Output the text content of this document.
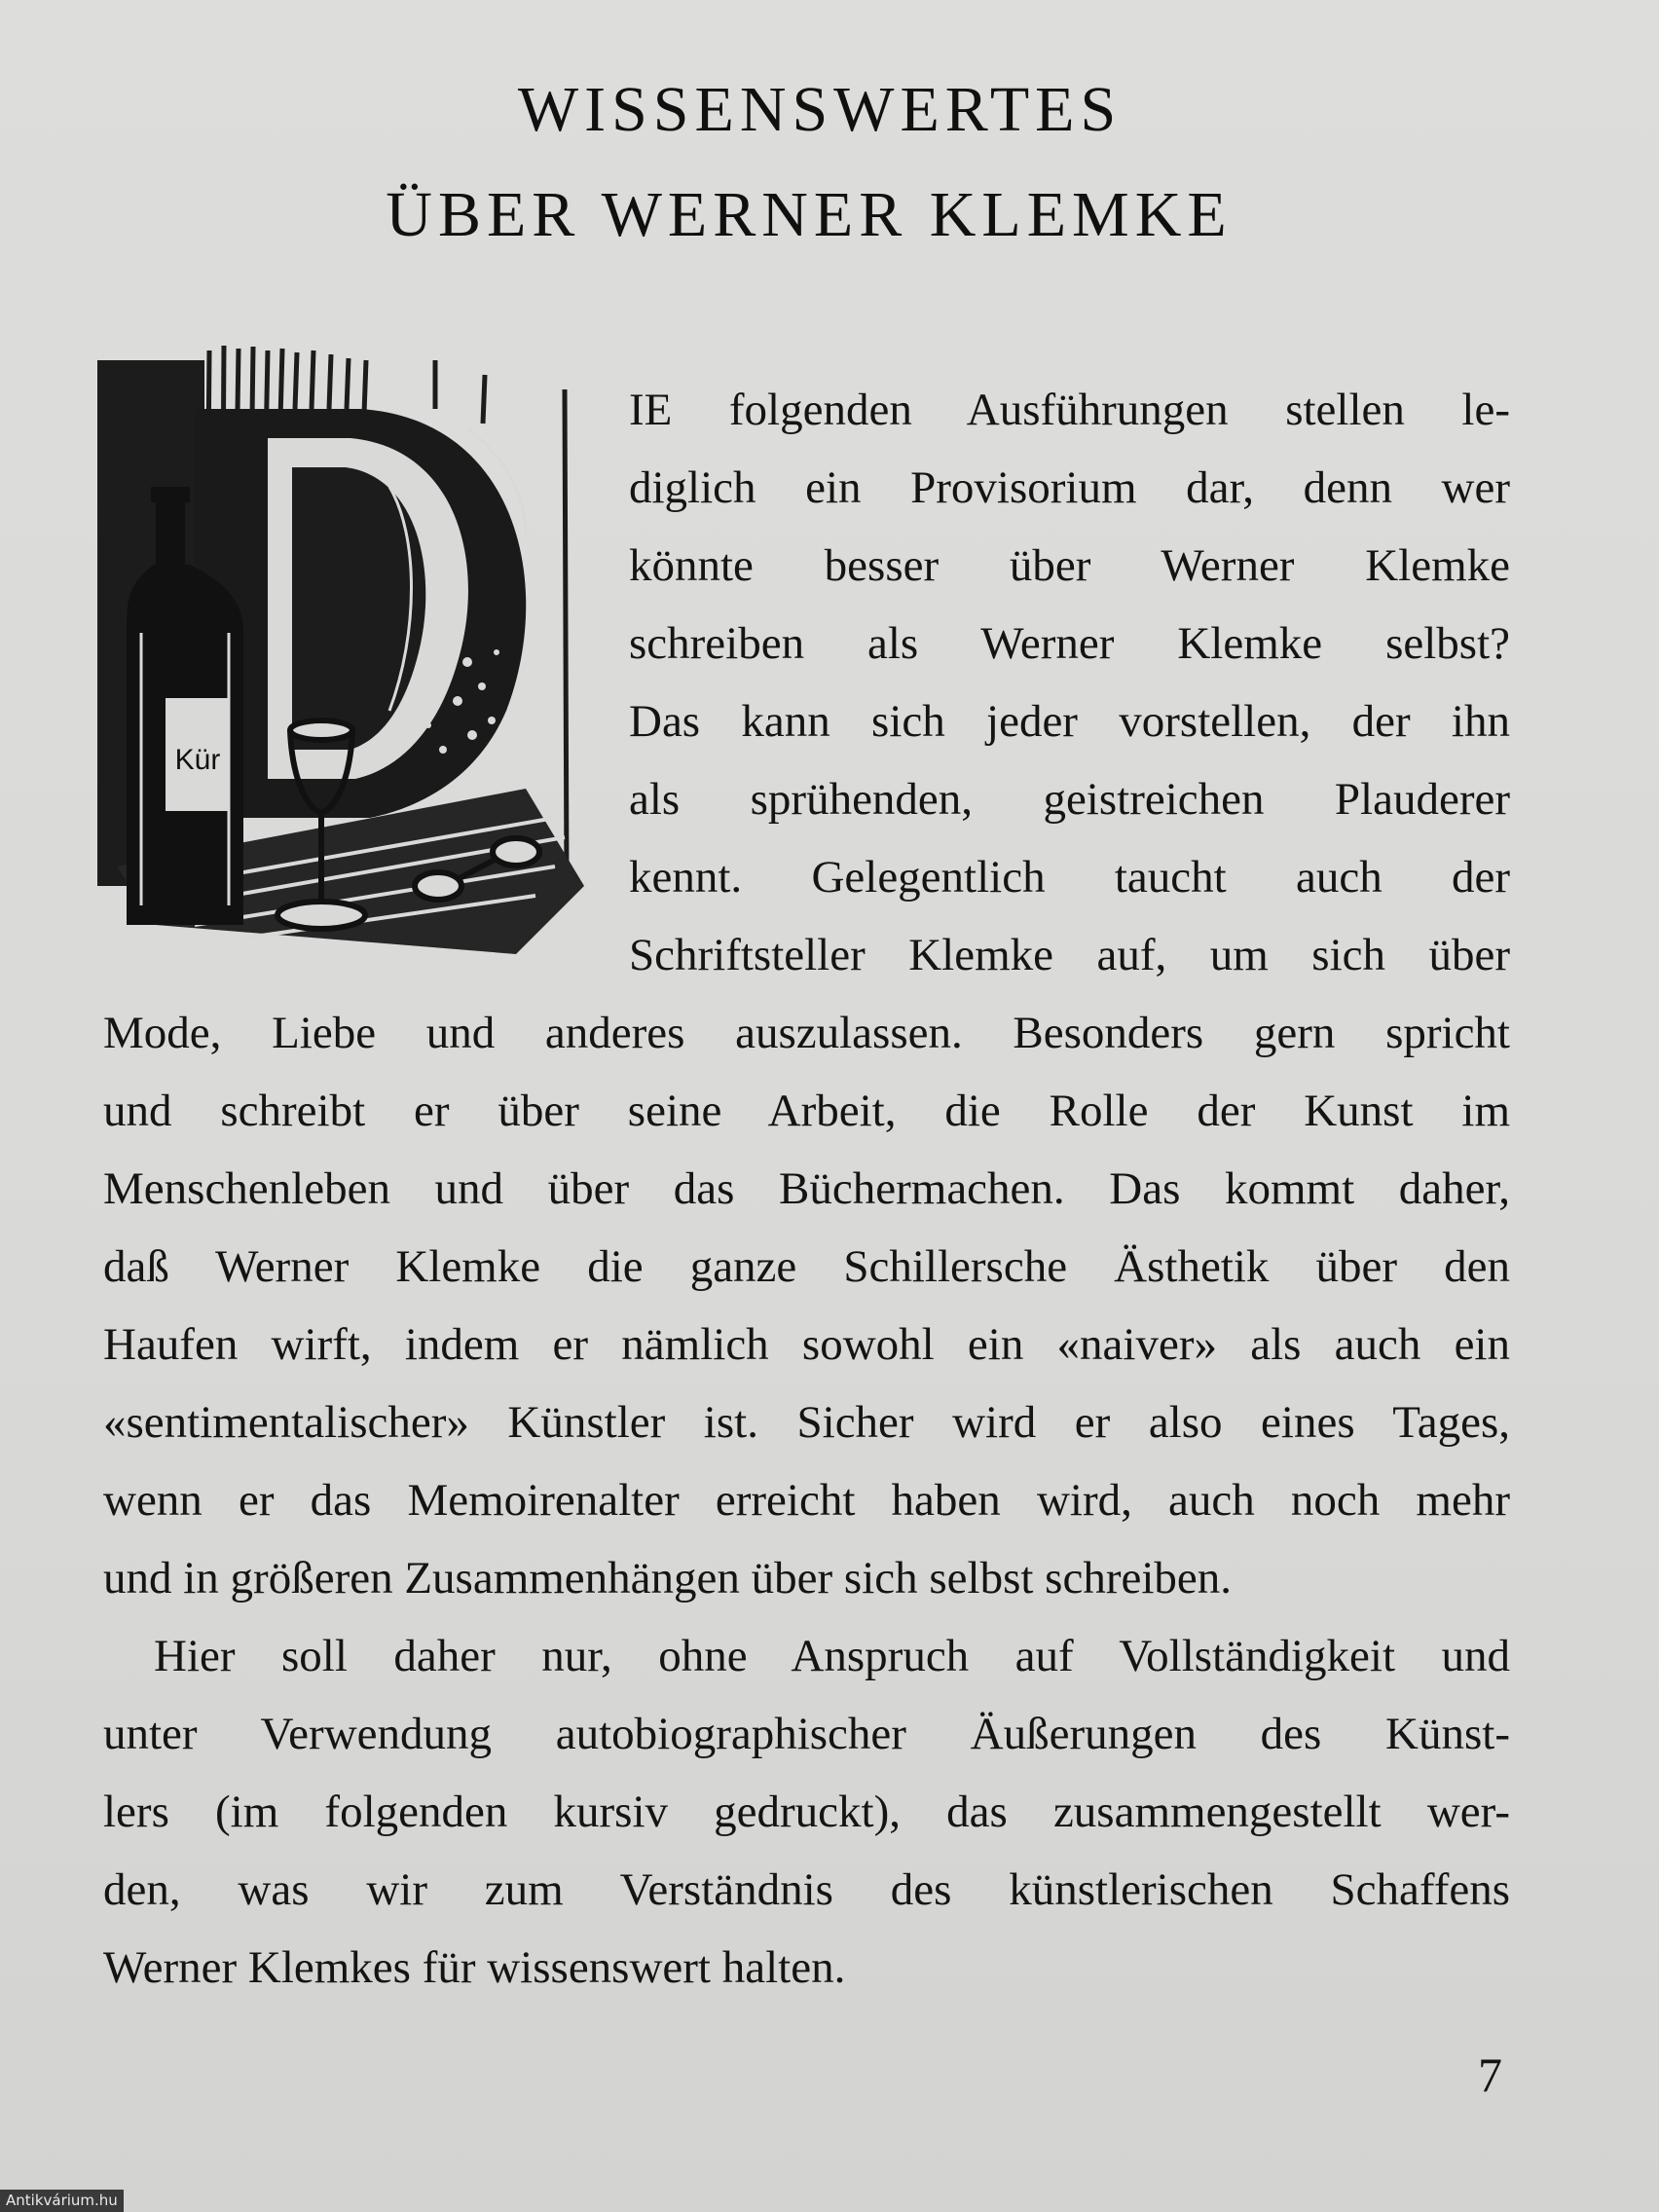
WISSENSWERTES
ÜBER WERNER KLEMKE
Kür
IE folgenden Ausführungen stellen le-
diglich ein Provisorium dar, denn wer
könnte besser über Werner Klemke
schreiben als Werner Klemke selbst?
Das kann sich jeder vorstellen, der ihn
als sprühenden, geistreichen Plauderer
kennt. Gelegentlich taucht auch der
Schriftsteller Klemke auf, um sich über
Mode, Liebe und anderes auszulassen. Besonders gern spricht
und schreibt er über seine Arbeit, die Rolle der Kunst im
Menschenleben und über das Büchermachen. Das kommt daher,
daß Werner Klemke die ganze Schillersche Ästhetik über den
Haufen wirft, indem er nämlich sowohl ein «naiver» als auch ein
«sentimentalischer» Künstler ist. Sicher wird er also eines Tages,
wenn er das Memoirenalter erreicht haben wird, auch noch mehr
und in größeren Zusammenhängen über sich selbst schreiben.
Hier soll daher nur, ohne Anspruch auf Vollständigkeit und
unter Verwendung autobiographischer Äußerungen des Künst-
lers (im folgenden kursiv gedruckt), das zusammengestellt wer-
den, was wir zum Verständnis des künstlerischen Schaffens
Werner Klemkes für wissenswert halten.
7
Antikvárium.hu
